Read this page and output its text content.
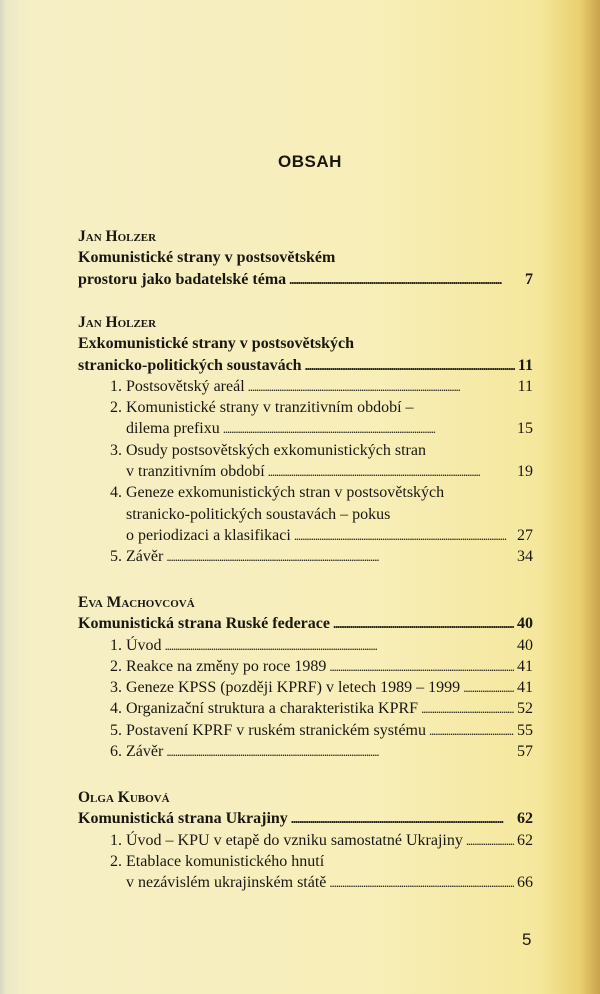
OBSAH
Jan Holzer
Komunistické strany v postsovětském
prostoru jako badatelské téma . . .	7
Jan Holzer
Exkomunistické strany v postsovětských
stranicko-politických soustavách . . .	11
1. Postsovětský areál . . .	11
2. Komunistické strany v tranzitivním období –
dilema prefixu . . .	15
3. Osudy postsovětských exkomunistických stran
v tranzitivním období . . .	19
4. Geneze exkomunistických stran v postsovětských
stranicko-politických soustavách – pokus
o periodizaci a klasifikaci . . .	27
5. Závěr . . .	34
Eva Machovcová
Komunistická strana Ruské federace . . .	40
1. Úvod . . .	40
2. Reakce na změny po roce 1989 . . .	41
3. Geneze KPSS (později KPRF) v letech 1989 – 1999 . . .	41
4. Organizační struktura a charakteristika KPRF . . .	52
5. Postavení KPRF v ruském stranickém systému . . .	55
6. Závěr . . .	57
Olga Kubová
Komunistická strana Ukrajiny . . .	62
1. Úvod – KPU v etapě do vzniku samostatné Ukrajiny . . .	62
2. Etablace komunistického hnutí
v nezávislém ukrajinském státě . . .	66
5
